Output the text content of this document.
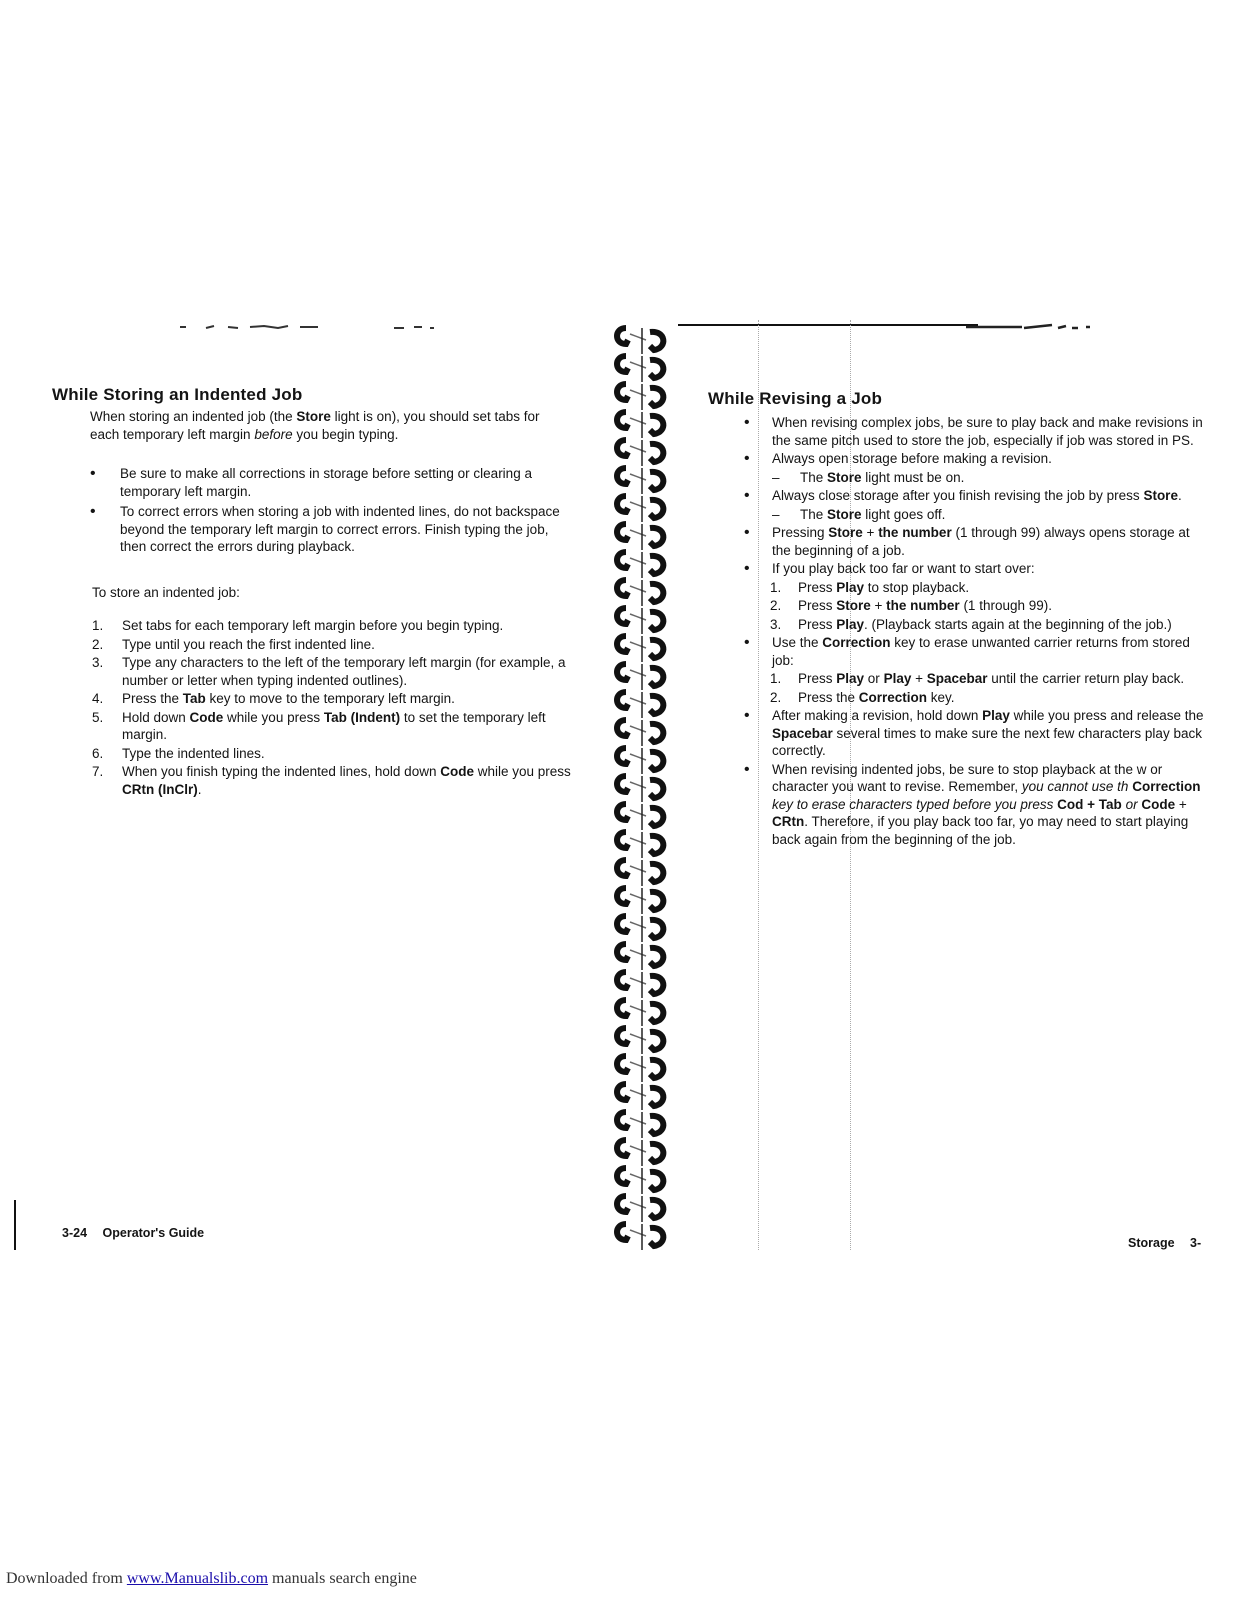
While Storing an Indented Job

When storing an indented job (the Store light is on), you should set tabs for each temporary left margin before you begin typing.

• Be sure to make all corrections in storage before setting or clearing a temporary left margin.
• To correct errors when storing a job with indented lines, do not backspace beyond the temporary left margin to correct errors. Finish typing the job, then correct the errors during playback.

To store an indented job:

1. Set tabs for each temporary left margin before you begin typing.
2. Type until you reach the first indented line.
3. Type any characters to the left of the temporary left margin (for example, a number or letter when typing indented outlines).
4. Press the Tab key to move to the temporary left margin.
5. Hold down Code while you press Tab (Indent) to set the temporary left margin.
6. Type the indented lines.
7. When you finish typing the indented lines, hold down Code while you press CRtn (InClr).
3-24 Operator's Guide
While Revising a Job
• When revising complex jobs, be sure to play back and make revisions in the same pitch used to store the job, especially if job was stored in PS.
• Always open storage before making a revision.
– The Store light must be on.
• Always close storage after you finish revising the job by press Store.
– The Store light goes off.
• Pressing Store + the number (1 through 99) always opens storage at the beginning of a job.
• If you play back too far or want to start over:
1. Press Play to stop playback.
2. Press Store + the number (1 through 99).
3. Press Play. (Playback starts again at the beginning of the job.)
• Use the Correction key to erase unwanted carrier returns from stored job:
1. Press Play or Play + Spacebar until the carrier return play back.
2. Press the Correction key.
• After making a revision, hold down Play while you press and release the Spacebar several times to make sure the next few characters play back correctly.
• When revising indented jobs, be sure to stop playback at the w or character you want to revise. Remember, you cannot use th Correction key to erase characters typed before you press Cod + Tab or Code + CRtn. Therefore, if you play back too far, yo may need to start playing back again from the beginning of the job.
Storage 3-
Downloaded from www.Manualslib.com manuals search engine
